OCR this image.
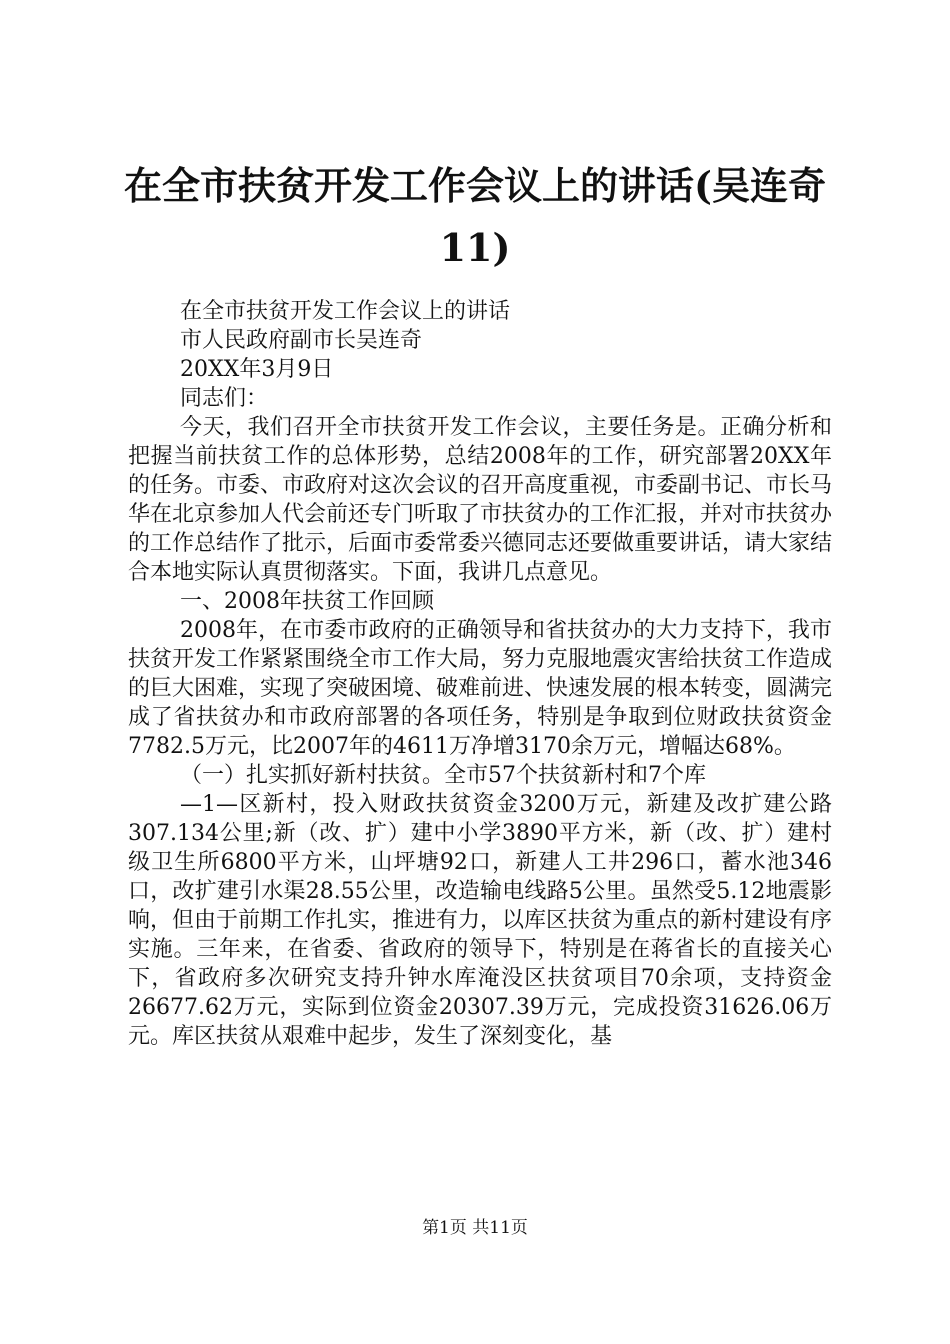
在全市扶贫开发工作会议上的讲话(吴连奇11)
在全市扶贫开发工作会议上的讲话
市人民政府副市长吴连奇
20XX年3月9日
同志们：

今天，我们召开全市扶贫开发工作会议，主要任务是。正确分析和把握当前扶贫工作的总体形势，总结2008年的工作，研究部署20XX年的任务。市委、市政府对这次会议的召开高度重视，市委副书记、市长马华在北京参加人代会前还专门听取了市扶贫办的工作汇报，并对市扶贫办的工作总结作了批示，后面市委常委兴德同志还要做重要讲话，请大家结合本地实际认真贯彻落实。下面，我讲几点意见。

一、2008年扶贫工作回顾

2008年，在市委市政府的正确领导和省扶贫办的大力支持下，我市扶贫开发工作紧紧围绕全市工作大局，努力克服地震灾害给扶贫工作造成的巨大困难，实现了突破困境、破难前进、快速发展的根本转变，圆满完成了省扶贫办和市政府部署的各项任务，特别是争取到位财政扶贫资金7782.5万元，比2007年的4611万净增3170余万元，增幅达68%。

（一）扎实抓好新村扶贫。全市57个扶贫新村和7个库

—1—区新村，投入财政扶贫资金3200万元，新建及改扩建公路307.134公里;新（改、扩）建中小学3890平方米，新（改、扩）建村级卫生所6800平方米，山坪塘92口，新建人工井296口，蓄水池346口，改扩建引水渠28.55公里，改造输电线路5公里。虽然受5.12地震影响，但由于前期工作扎实，推进有力，以库区扶贫为重点的新村建设有序实施。三年来，在省委、省政府的领导下，特别是在蒋省长的直接关心下，省政府多次研究支持升钟水库淹没区扶贫项目70余项，支持资金26677.62万元，实际到位资金20307.39万元，完成投资31626.06万元。库区扶贫从艰难中起步，发生了深刻变化，基

第1页 共11页
